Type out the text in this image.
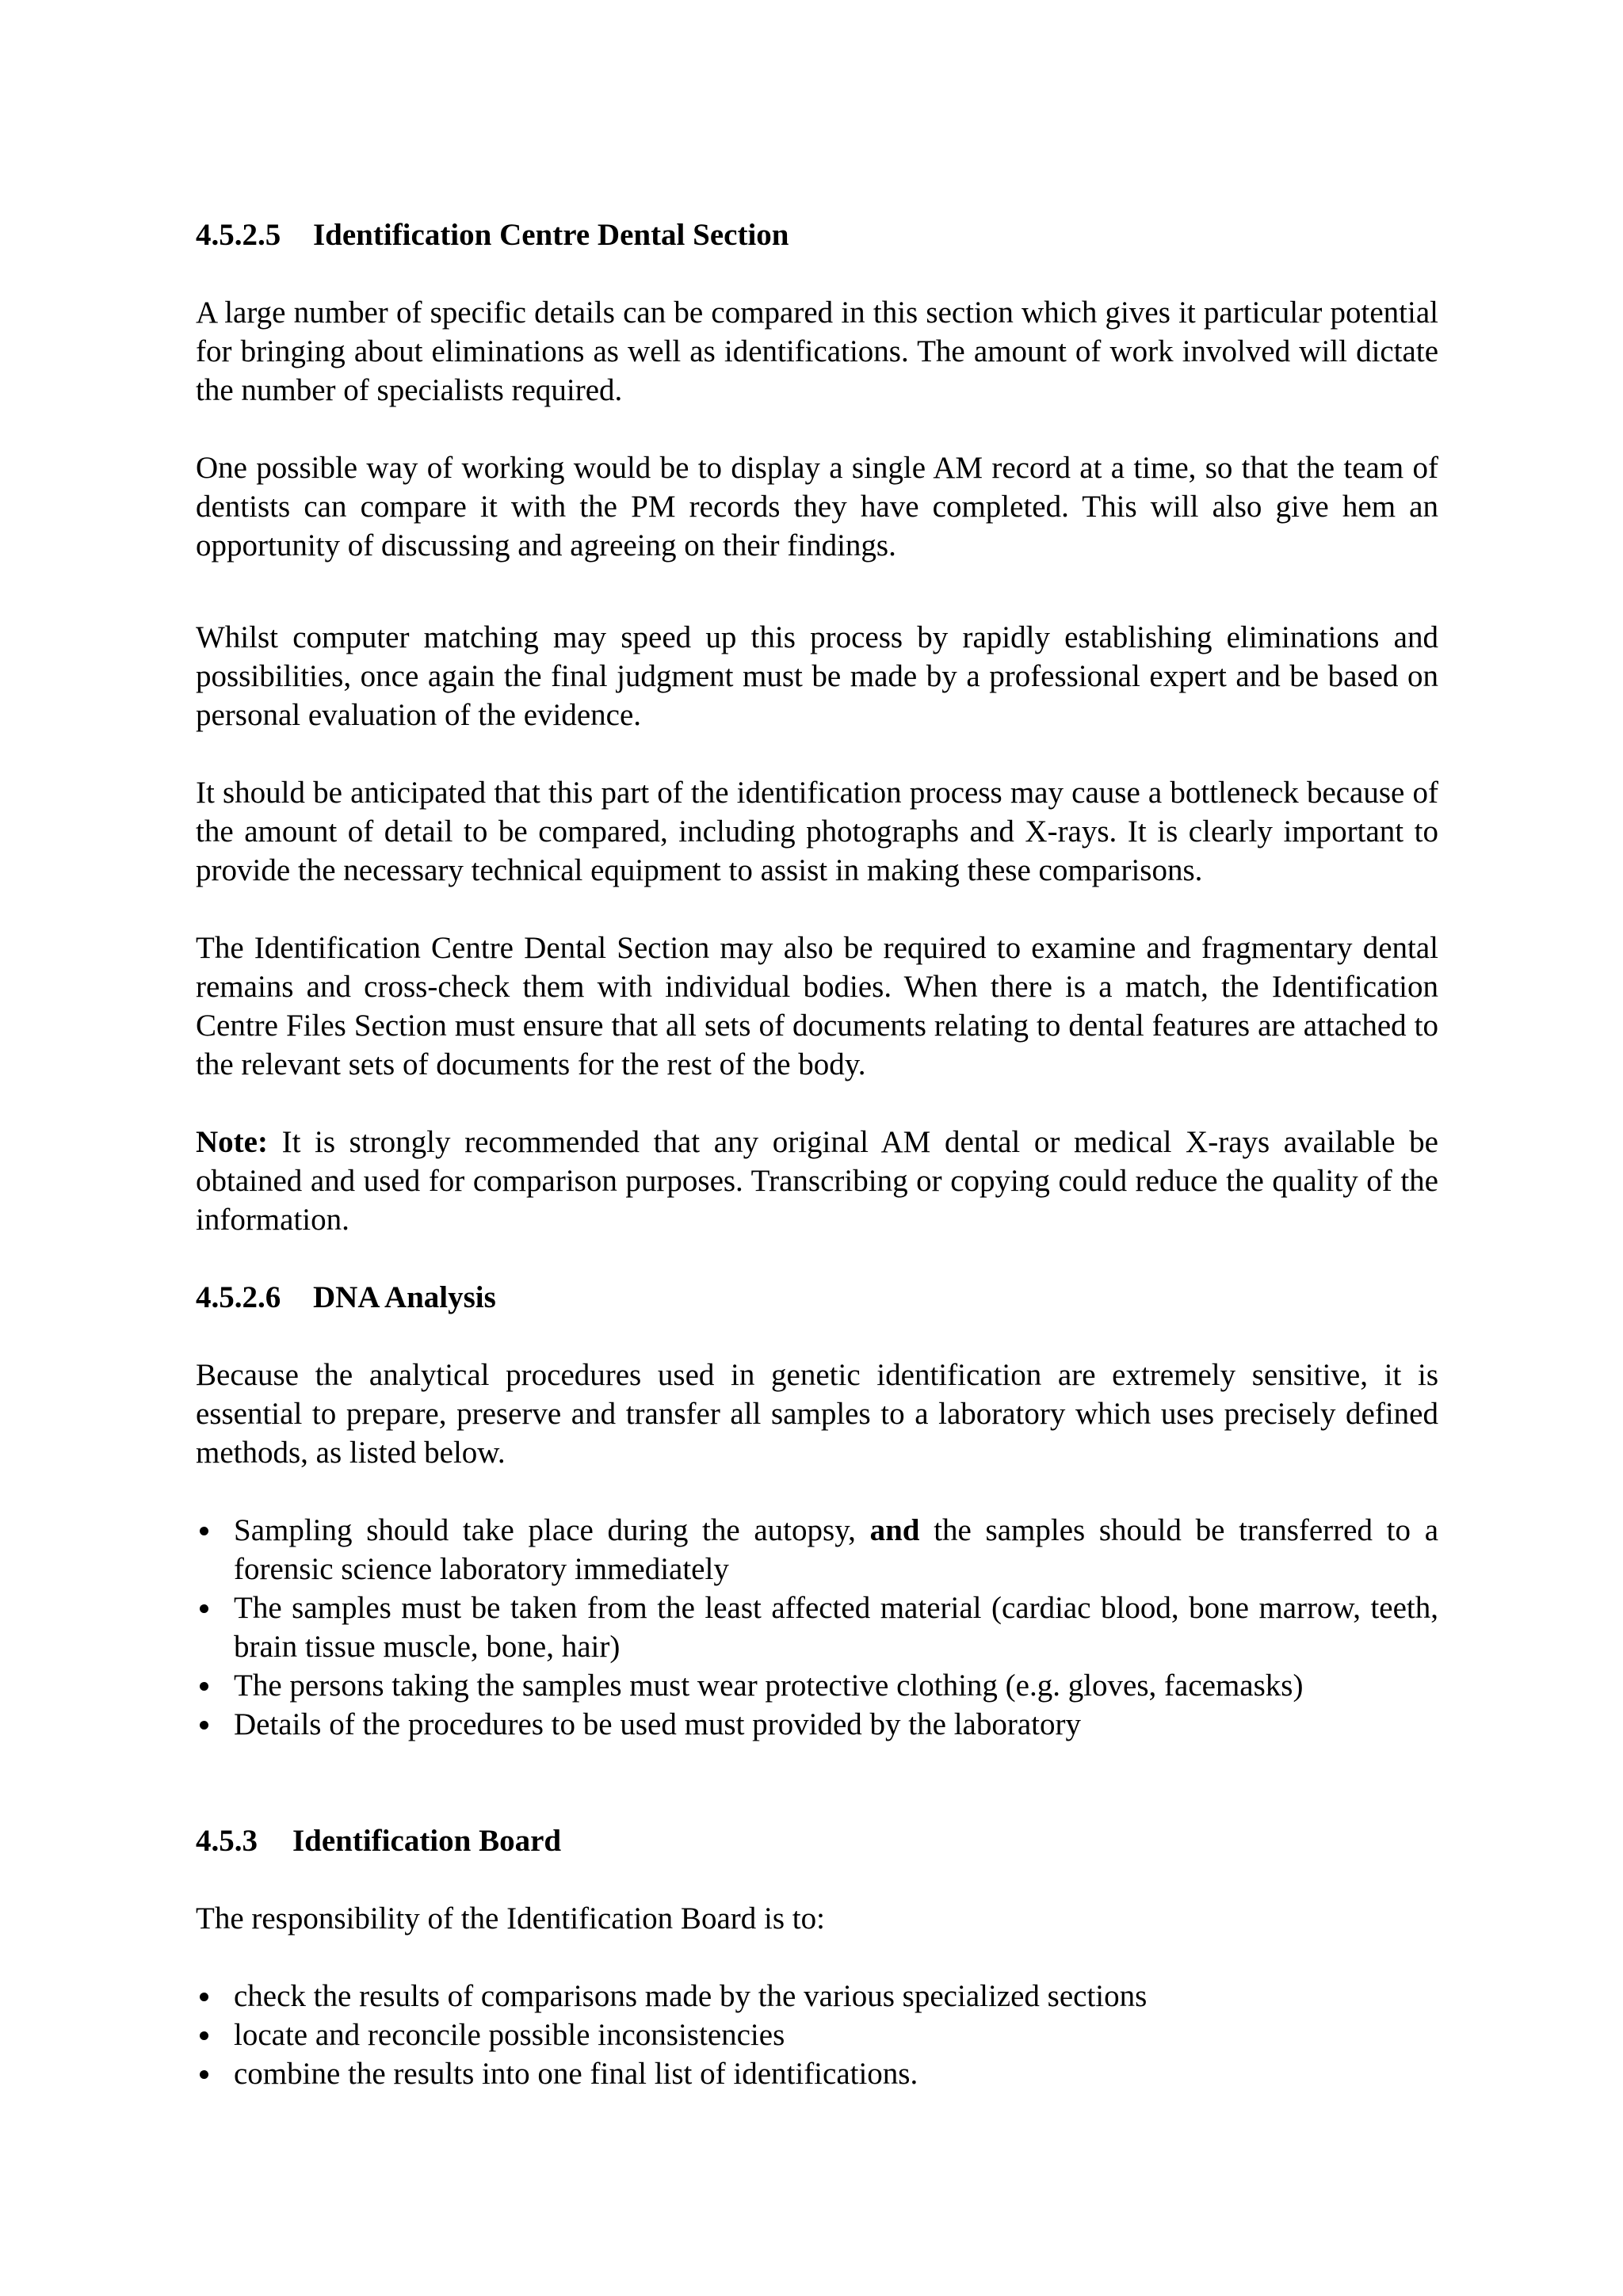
4.5.2.5 Identification Centre Dental Section

A large number of specific details can be compared in this section which gives it particular potential for bringing about eliminations as well as identifications. The amount of work involved will dictate the number of specialists required.

One possible way of working would be to display a single AM record at a time, so that the team of dentists can compare it with the PM records they have completed. This will also give hem an opportunity of discussing and agreeing on their findings.

Whilst computer matching may speed up this process by rapidly establishing eliminations and possibilities, once again the final judgment must be made by a professional expert and be based on personal evaluation of the evidence.

It should be anticipated that this part of the identification process may cause a bottleneck because of the amount of detail to be compared, including photographs and X-rays. It is clearly important to provide the necessary technical equipment to assist in making these comparisons.

The Identification Centre Dental Section may also be required to examine and fragmentary dental remains and cross-check them with individual bodies. When there is a match, the Identification Centre Files Section must ensure that all sets of documents relating to dental features are attached to the relevant sets of documents for the rest of the body.

Note: It is strongly recommended that any original AM dental or medical X-rays available be obtained and used for comparison purposes. Transcribing or copying could reduce the quality of the information.

4.5.2.6 DNA Analysis

Because the analytical procedures used in genetic identification are extremely sensitive, it is essential to prepare, preserve and transfer all samples to a laboratory which uses precisely defined methods, as listed below.

Sampling should take place during the autopsy, and the samples should be transferred to a forensic science laboratory immediately
The samples must be taken from the least affected material (cardiac blood, bone marrow, teeth, brain tissue muscle, bone, hair)
The persons taking the samples must wear protective clothing (e.g. gloves, facemasks)
Details of the procedures to be used must provided by the laboratory
4.5.3 Identification Board

The responsibility of the Identification Board is to:

check the results of comparisons made by the various specialized sections
locate and reconcile possible inconsistencies
combine the results into one final list of identifications.
